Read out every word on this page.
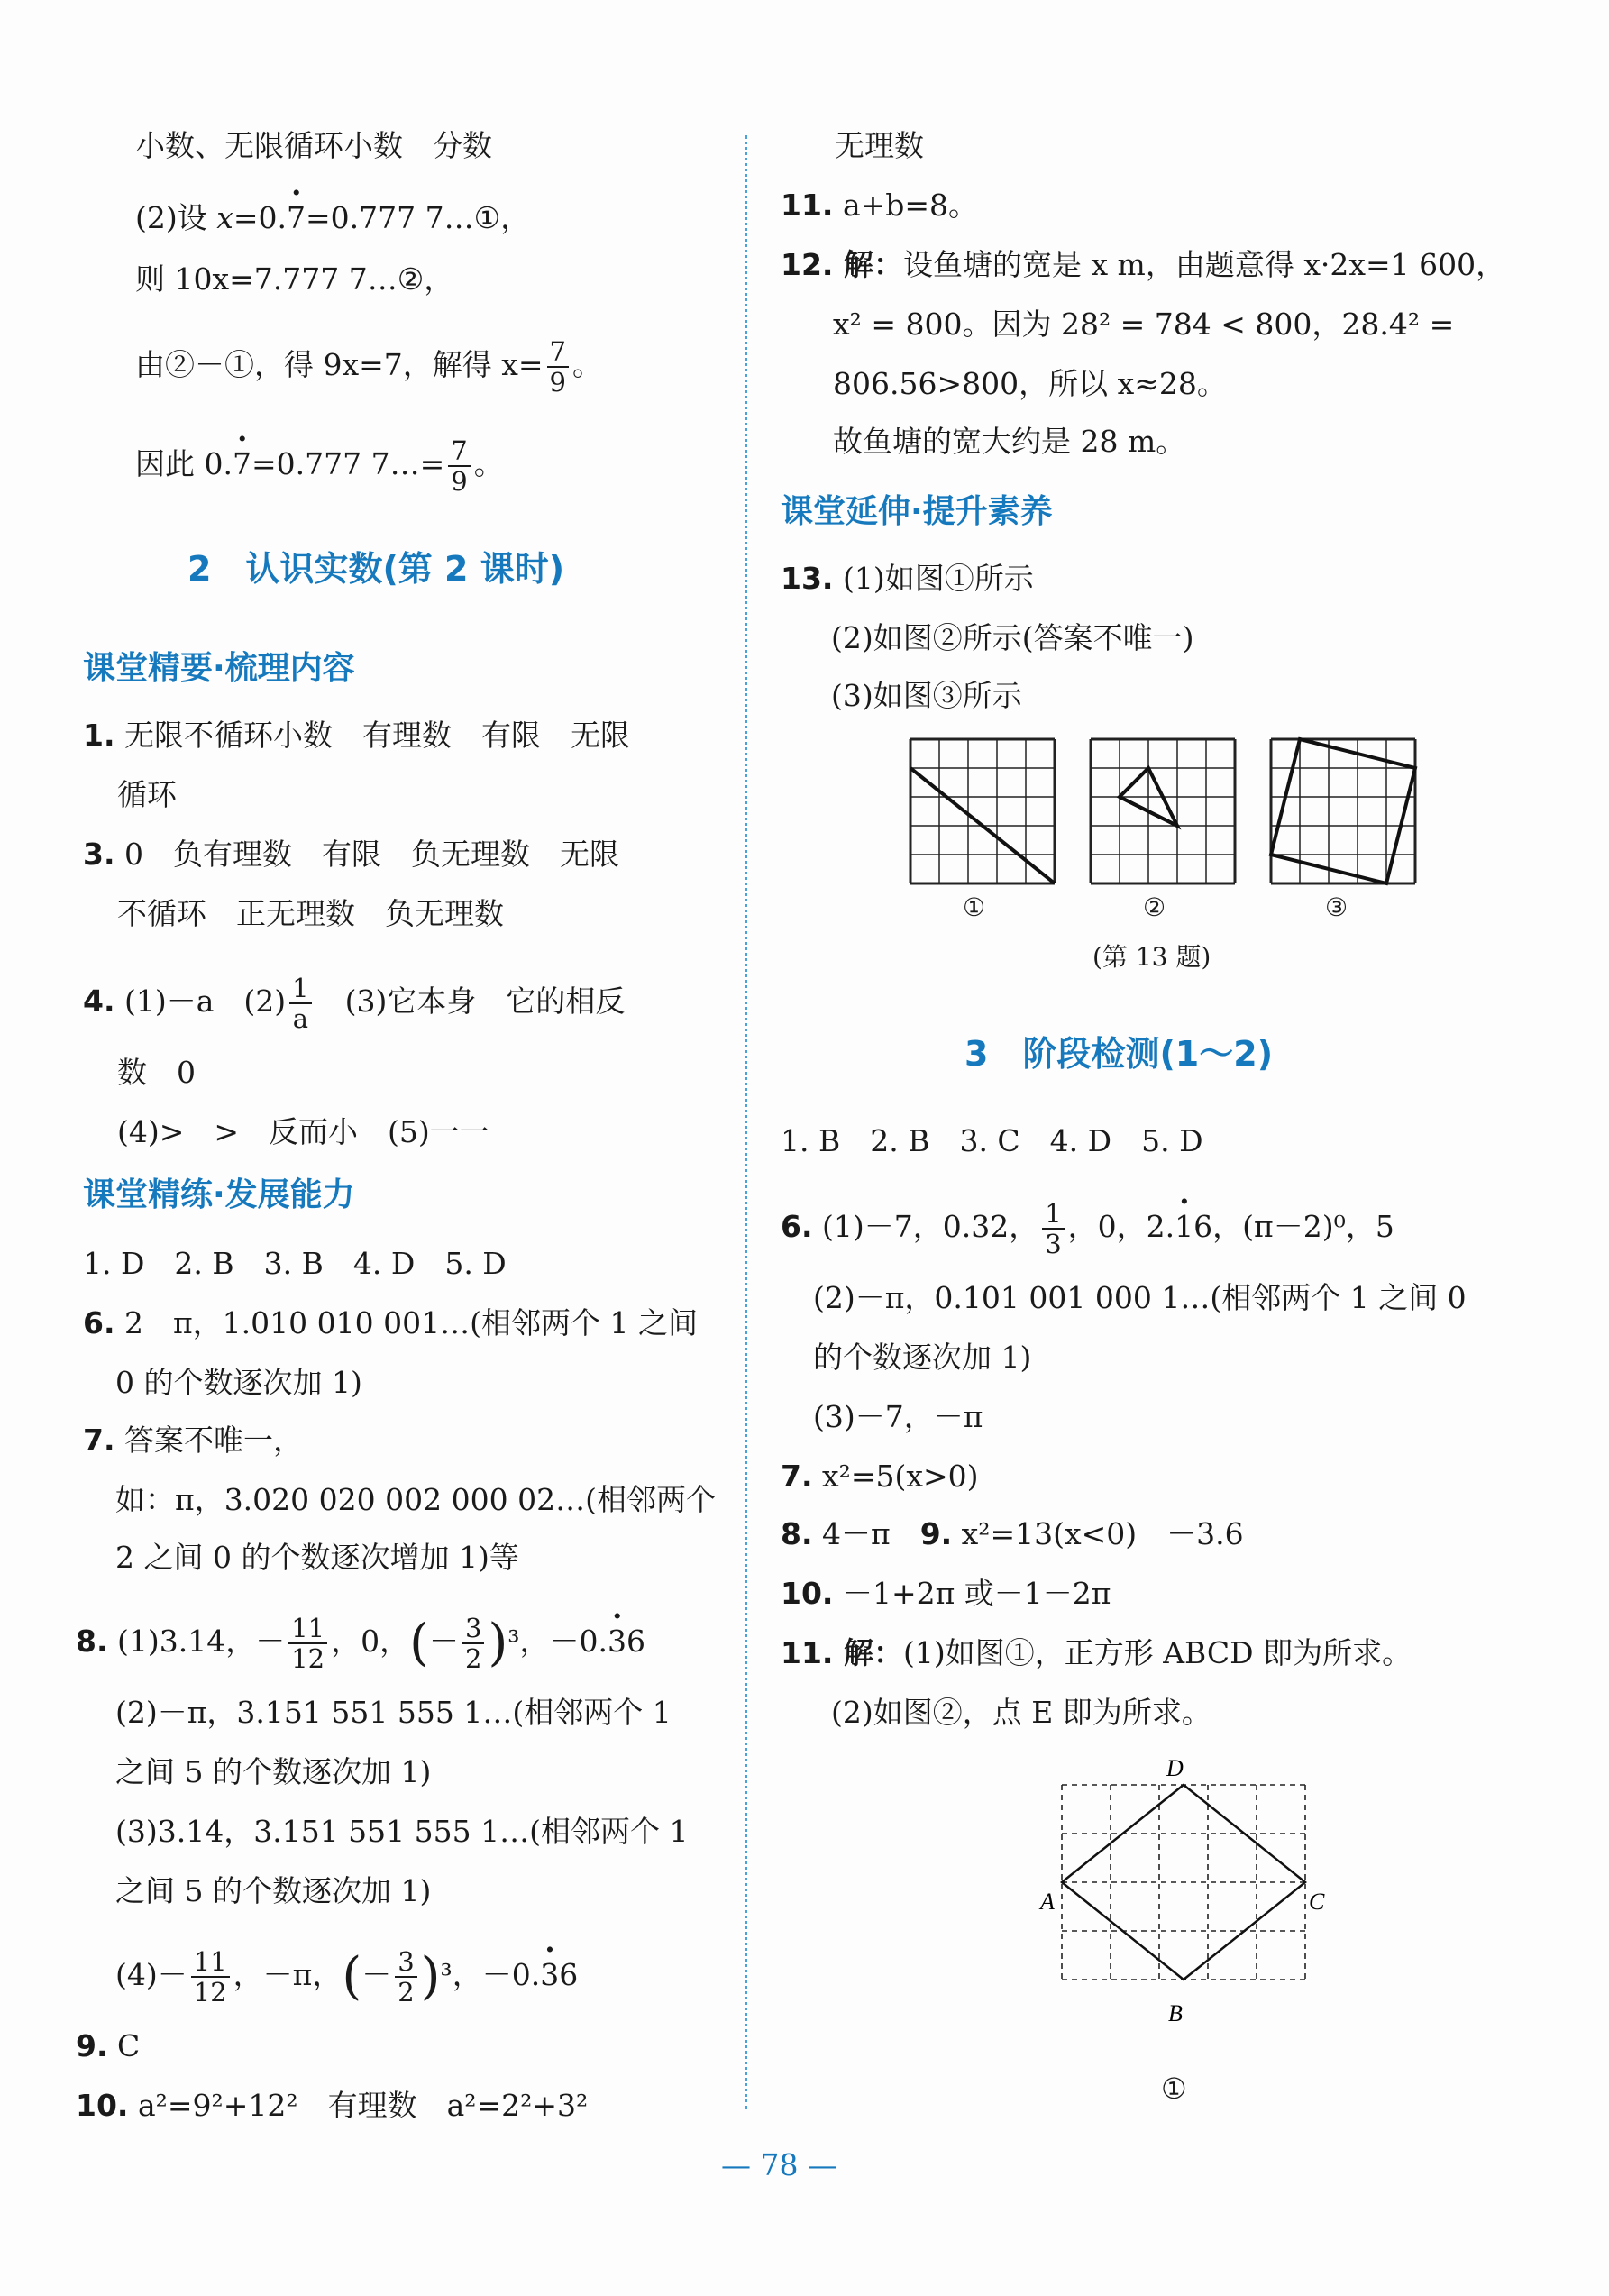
小数、无限循环小数　分数
(2)设 x=0.· 7=0.777 7…①，
则 10x=7.777 7…②，
由②－①，得 9x=7，解得 $x= \frac{7}{9}$ 。
因此 0.· 7=0.777 7…= $\frac{7}{9}$ 。
2　认识实数(第 2 课时)
课堂精要·梳理内容
1. 无限不循环小数　有理数　有限　无限
循环
3. 0　负有理数　有限　负无理数　无限
不循环　正无理数　负无理数
4. (1)－a　$(2) \frac{1}{a}$ 　(3)它本身　它的相反
数　0
(4)>　>　反而小　(5)一一
课堂精练·发展能力
1. D　2. B　3. B　4. D　5. D
6. 2　π，1.010 010 001…(相邻两个 1 之间
0 的个数逐次加 1)
7. 答案不唯一，
如：π，3.020 020 002 000 02…(相邻两个
2 之间 0 的个数逐次增加 1)等
8. (1)3.14，－ $\frac{11}{12}$ ，0，(－ $\frac{3}{2} )^3$，－0.· 36
(2)－π，3.151 551 555 1…(相邻两个 1
之间 5 的个数逐次加 1)
(3)3.14，3.151 551 555 1…(相邻两个 1
之间 5 的个数逐次加 1)
$(4)- \frac{11}{12}$ ，－π，(－ $\frac{3}{2} )^3$，－0.· 36
9. C
10. a²=9²+12²　有理数　a²=2²+3²
无理数
11. a+b=8。
12. 解：设鱼塘的宽是 x m，由题意得 x·2x=1 600，
x² = 800。因为 28² = 784 < 800，28.4² =
806.56>800，所以 x≈28。
故鱼塘的宽大约是 28 m。
课堂延伸·提升素养
13. (1)如图①所示
(2)如图②所示(答案不唯一)
(3)如图③所示
①	②	③
(第 13 题)
3　阶段检测(1～2)
1. B　2. B　3. C　4. D　5. D
6. (1)－7，0.32， $\frac{1}{3}$ ，0，2.· 16，(π－2)⁰，5
(2)－π，0.101 001 000 1…(相邻两个 1 之间 0
的个数逐次加 1)
(3)－7，－π
7. x²=5(x>0)
8. 4－π　9. x²=13(x<0)　－3.6
10. －1+2π 或－1－2π
11. 解：(1)如图①，正方形 ABCD 即为所求。
(2)如图②，点 E 即为所求。
D
A	C
B
①
— 78 —
